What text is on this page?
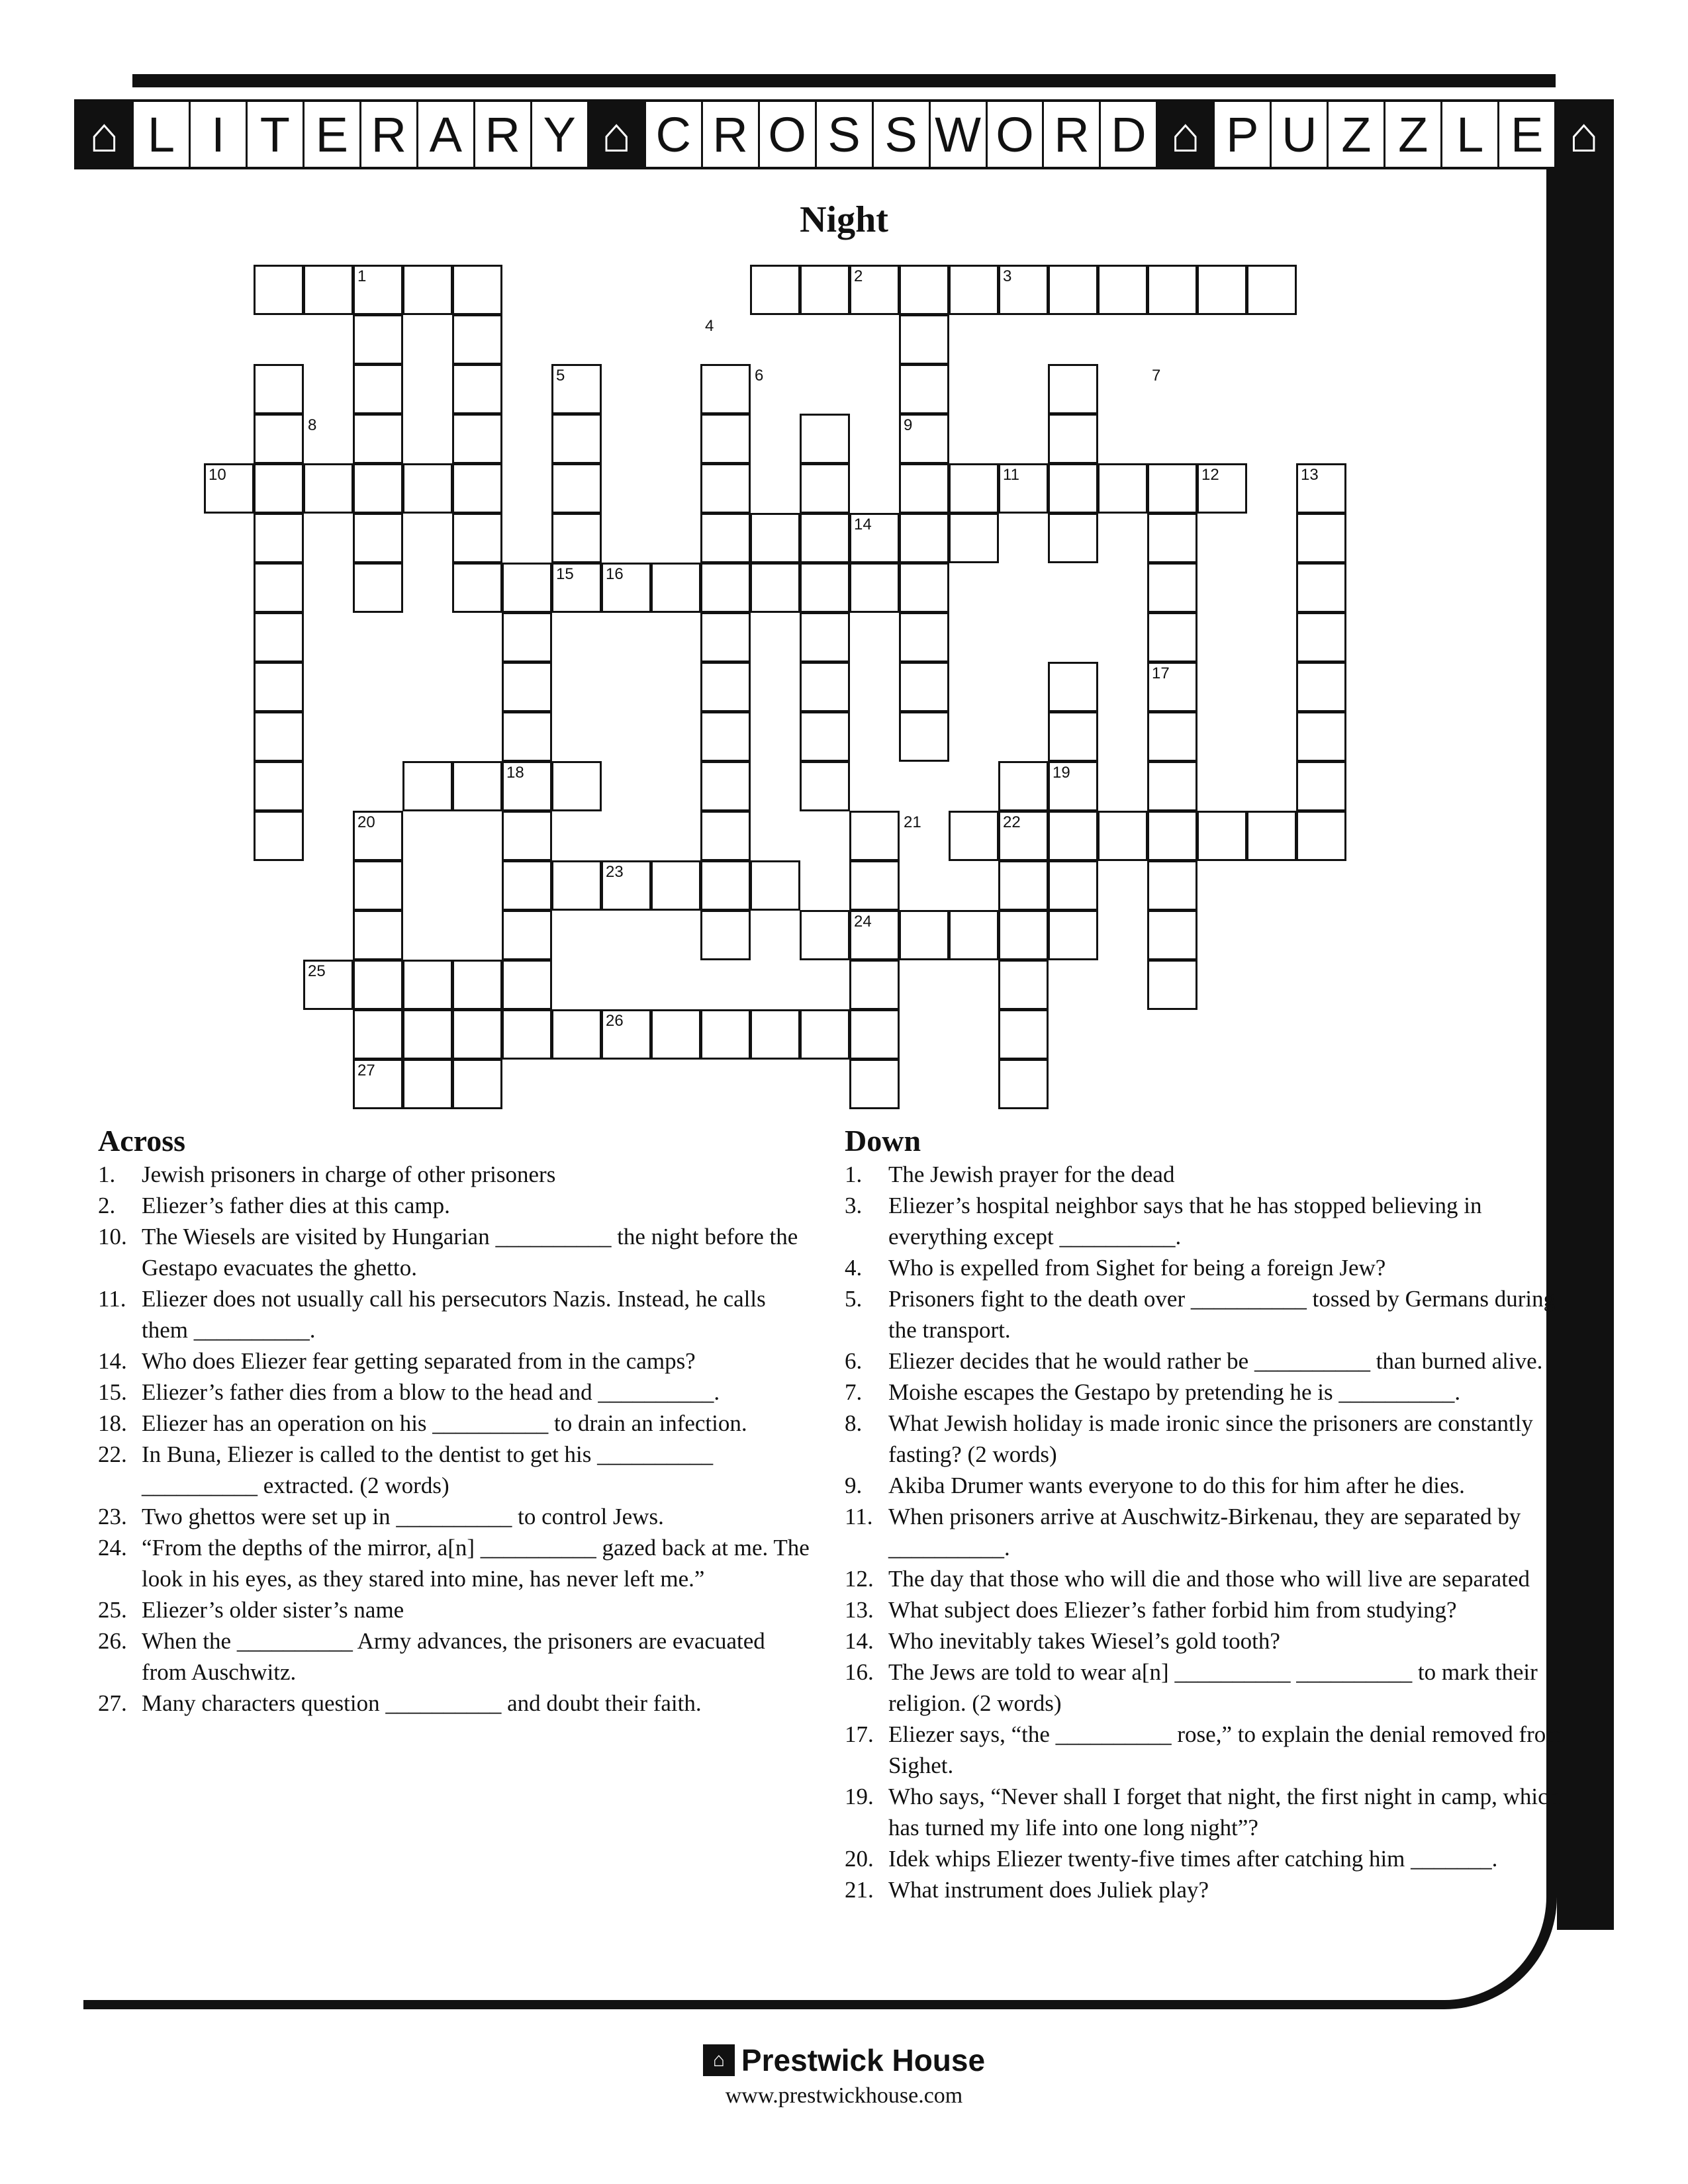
⌂ L I T E R A R Y ⌂ C R O S S W O R D ⌂ P U Z Z L E ⌂
Night
1	2	3
4
5	6	7
8	9
10	11	12	13
14
15 16
17
18	19
20	21	22
23
24
25
26
27
Across
1.	Jewish prisoners in charge of other prisoners
2.	Eliezer’s father dies at this camp.
10. The Wiesels are visited by Hungarian __________ the night before the Gestapo evacuates the ghetto.
11. Eliezer does not usually call his persecutors Nazis. Instead, he calls them __________.
14. Who does Eliezer fear getting separated from in the camps?
15. Eliezer’s father dies from a blow to the head and __________.
18. Eliezer has an operation on his __________ to drain an infection.
22. In Buna, Eliezer is called to the dentist to get his __________ __________ extracted. (2 words)
23. Two ghettos were set up in __________ to control Jews.
24. “From the depths of the mirror, a[n] __________ gazed back at me. The look in his eyes, as they stared into mine, has never left me.”
25. Eliezer’s older sister’s name
26. When the __________ Army advances, the prisoners are evacuated from Auschwitz.
27. Many characters question __________ and doubt their faith.
Down
1.	The Jewish prayer for the dead
3.	Eliezer’s hospital neighbor says that he has stopped believing in everything except __________.
4.	Who is expelled from Sighet for being a foreign Jew?
5.	Prisoners fight to the death over __________ tossed by Germans during the transport.
6.	Eliezer decides that he would rather be __________ than burned alive.
7.	Moishe escapes the Gestapo by pretending he is __________.
8.	What Jewish holiday is made ironic since the prisoners are constantly fasting? (2 words)
9.	Akiba Drumer wants everyone to do this for him after he dies.
11. When prisoners arrive at Auschwitz-Birkenau, they are separated by __________.
12. The day that those who will die and those who will live are separated
13. What subject does Eliezer’s father forbid him from studying?
14. Who inevitably takes Wiesel’s gold tooth?
16. The Jews are told to wear a[n] __________ __________ to mark their religion. (2 words)
17. Eliezer says, “the __________ rose,” to explain the denial removed from Sighet.
19. Who says, “Never shall I forget that night, the first night in camp, which has turned my life into one long night”?
20. Idek whips Eliezer twenty-five times after catching him _______.
21. What instrument does Juliek play?
⌂ Prestwick House
www.prestwickhouse.com
